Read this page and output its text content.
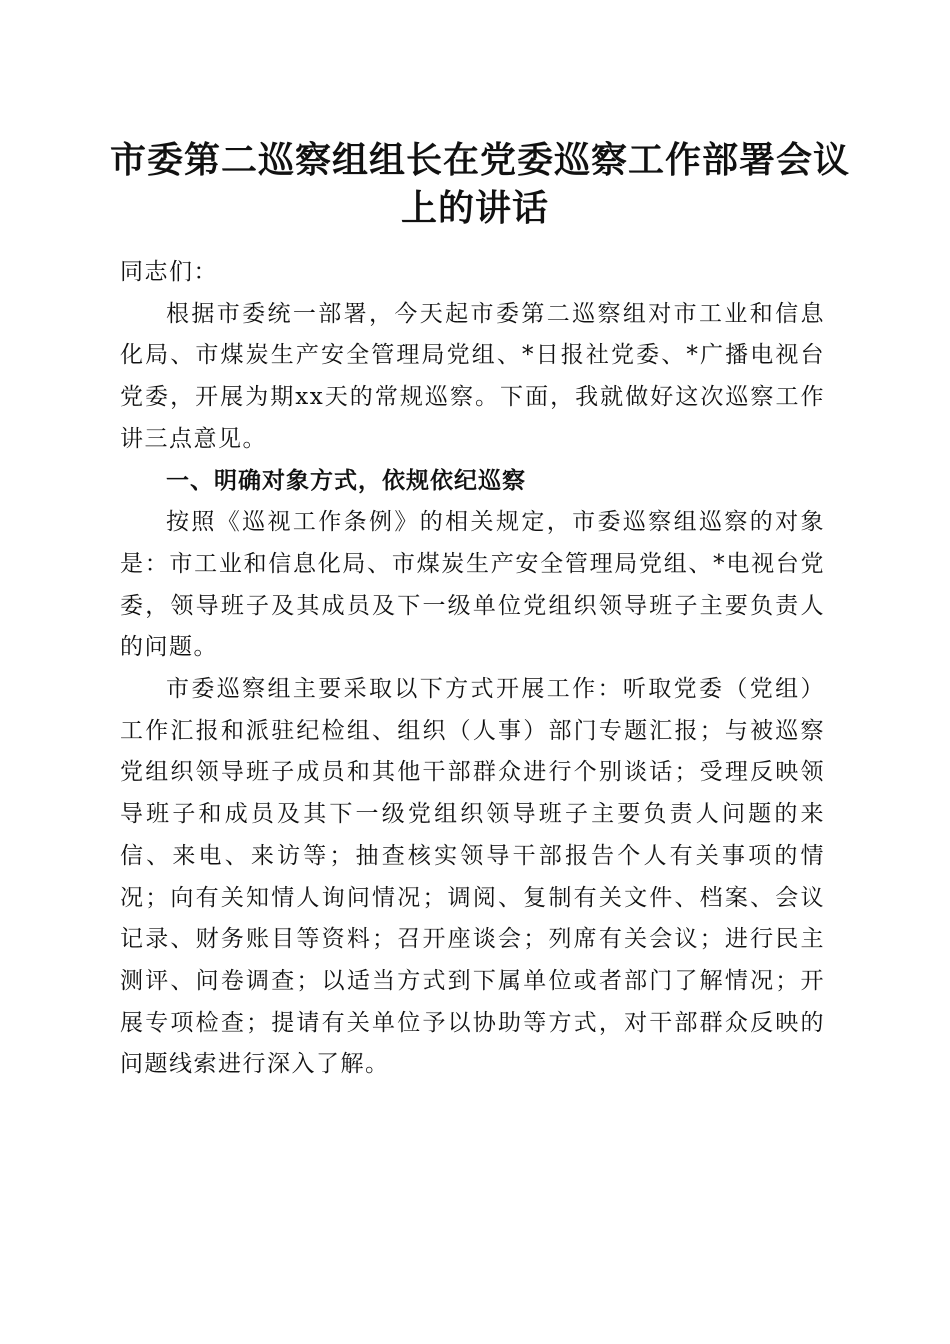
市委第二巡察组组长在党委巡察工作部署会议
上的讲话

同志们：

根据市委统一部署，今天起市委第二巡察组对市工业和信息化局、市煤炭生产安全管理局党组、*日报社党委、*广播电视台党委，开展为期xx天的常规巡察。下面，我就做好这次巡察工作讲三点意见。

一、明确对象方式，依规依纪巡察

按照《巡视工作条例》的相关规定，市委巡察组巡察的对象是：市工业和信息化局、市煤炭生产安全管理局党组、*电视台党委，领导班子及其成员及下一级单位党组织领导班子主要负责人的问题。

市委巡察组主要采取以下方式开展工作：听取党委（党组）工作汇报和派驻纪检组、组织（人事）部门专题汇报；与被巡察党组织领导班子成员和其他干部群众进行个别谈话；受理反映领导班子和成员及其下一级党组织领导班子主要负责人问题的来信、来电、来访等；抽查核实领导干部报告个人有关事项的情况；向有关知情人询问情况；调阅、复制有关文件、档案、会议记录、财务账目等资料；召开座谈会；列席有关会议；进行民主测评、问卷调查；以适当方式到下属单位或者部门了解情况；开展专项检查；提请有关单位予以协助等方式，对干部群众反映的问题线索进行深入了解。
